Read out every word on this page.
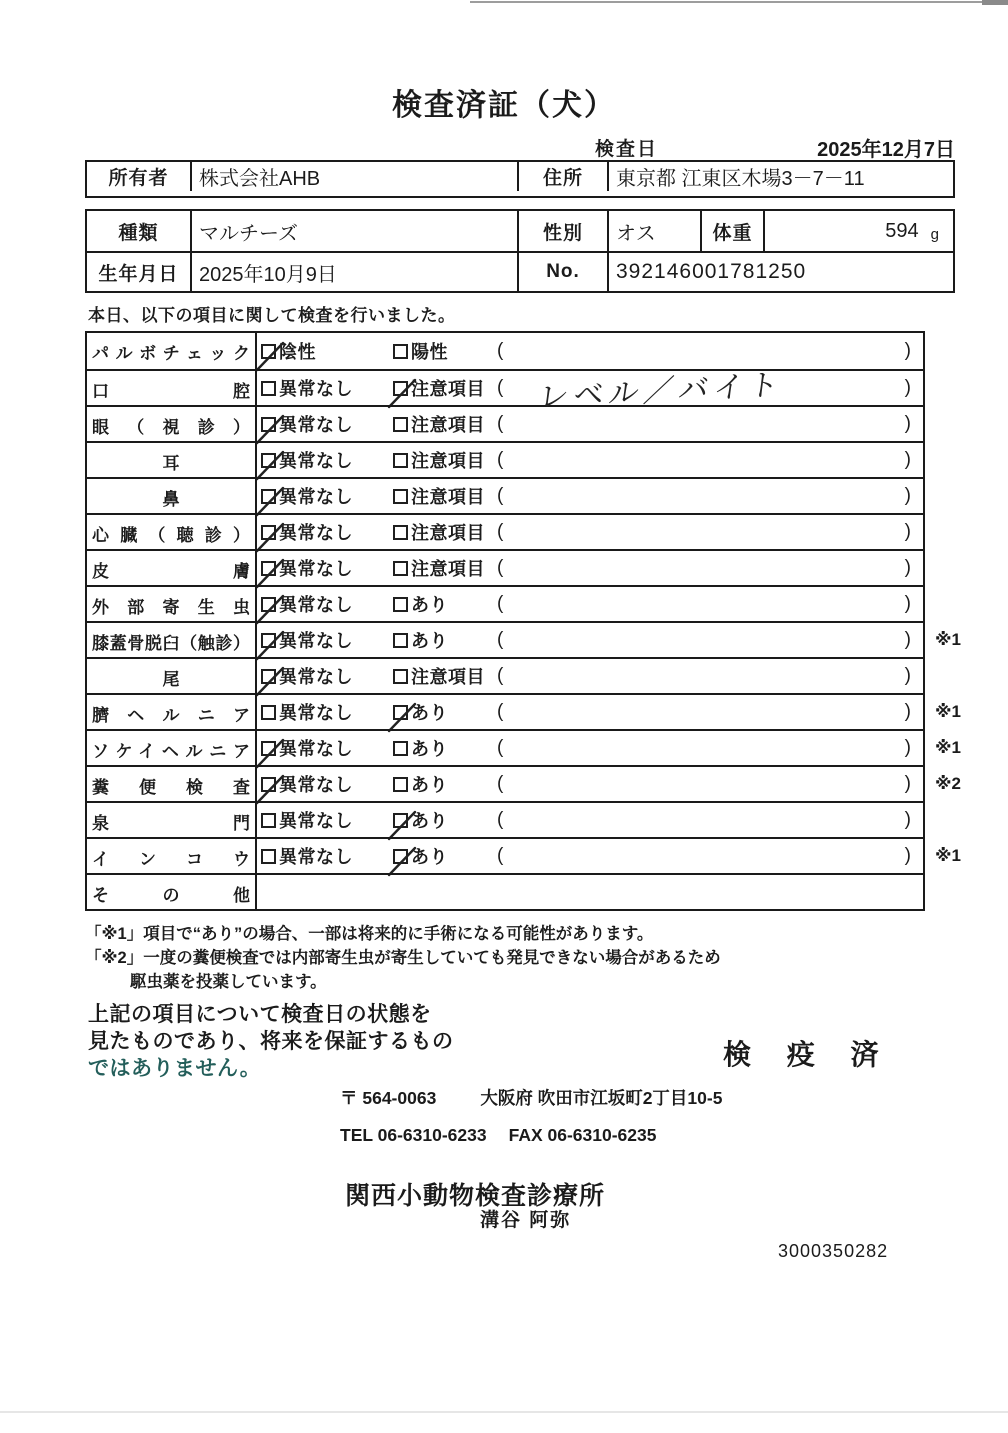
検査済証（犬）
検査日	2025年12月7日
所有者	株式会社AHB	住所	東京都 江東区木場3－7－11
種類	マルチーズ	性別	オス	体重	594 g
生年月日	2025年10月9日	No.	392146001781250
本日、以下の項目に関して検査を行いました。
パルボチェック	陰性	陽性	(	)
口腔	異常なし	注意項目 (	)
レベル／バイト
眼（視診）	異常なし	注意項目 (	)
耳	異常なし	注意項目 (	)
鼻	異常なし	注意項目 (	)
心臓（聴診）	異常なし	注意項目 (	)
皮膚	異常なし	注意項目 (	)
外部寄生虫	異常なし	あり	(	)
膝蓋骨脱臼（触診）	異常なし	あり	(	) ※1
尾	異常なし	注意項目 (	)
臍ヘルニア	異常なし	あり	(	) ※1
ソケイヘルニア	異常なし	あり	(	) ※1
糞便検査	異常なし	あり	(	) ※2
泉門	異常なし	あり	(	)
インコウ	異常なし	あり	(	) ※1
その他
「※1」項目で“あり”の場合、一部は将来的に手術になる可能性があります。
「※2」一度の糞便検査では内部寄生虫が寄生していても発見できない場合があるため
駆虫薬を投薬しています。
上記の項目について検査日の状態を
見たものであり、将来を保証するもの
ではありません。	検 疫 済
〒 564-0063	大阪府 吹田市江坂町2丁目10-5
TEL 06-6310-6233 FAX 06-6310-6235
関西小動物検査診療所
溝谷 阿弥
3000350282
